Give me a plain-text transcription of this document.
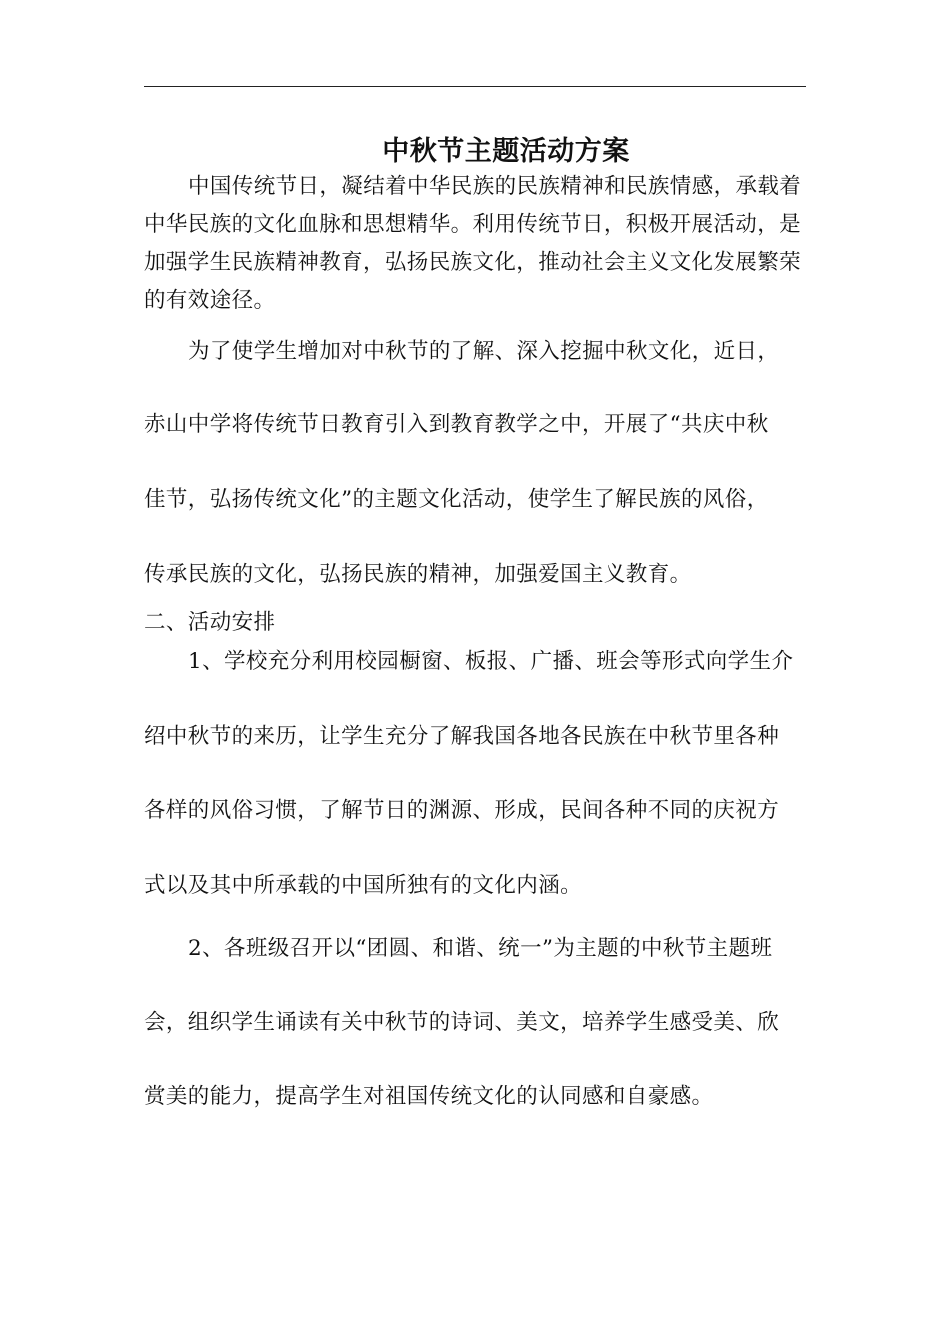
中秋节主题活动方案

中国传统节日，凝结着中华民族的民族精神和民族情感，承载着

中华民族的文化血脉和思想精华。利用传统节日，积极开展活动，是

加强学生民族精神教育，弘扬民族文化，推动社会主义文化发展繁荣

的有效途径。

为了使学生增加对中秋节的了解、深入挖掘中秋文化，近日，

赤山中学将传统节日教育引入到教育教学之中，开展了“共庆中秋

佳节，弘扬传统文化”的主题文化活动，使学生了解民族的风俗，

传承民族的文化，弘扬民族的精神，加强爱国主义教育。

二、活动安排

1、学校充分利用校园橱窗、板报、广播、班会等形式向学生介

绍中秋节的来历，让学生充分了解我国各地各民族在中秋节里各种

各样的风俗习惯，了解节日的渊源、形成，民间各种不同的庆祝方

式以及其中所承载的中国所独有的文化内涵。

2、各班级召开以“团圆、和谐、统一”为主题的中秋节主题班

会，组织学生诵读有关中秋节的诗词、美文，培养学生感受美、欣

赏美的能力，提高学生对祖国传统文化的认同感和自豪感。
